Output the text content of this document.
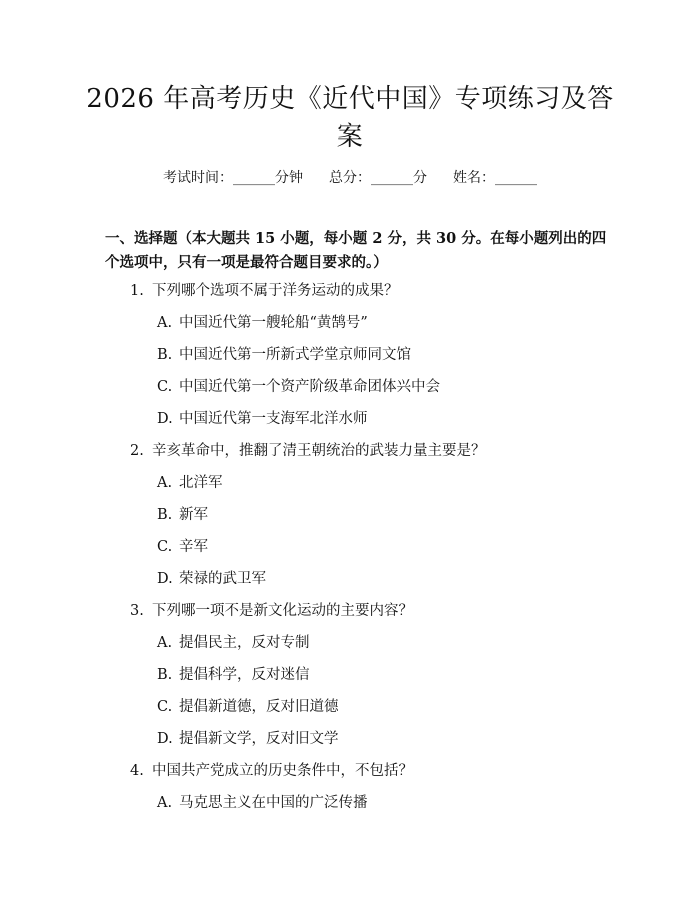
2026 年高考历史《近代中国》专项练习及答案
考试时间：______分钟 总分：______分 姓名：______
一、选择题（本大题共 15 小题，每小题 2 分，共 30 分。在每小题列出的四个选项中，只有一项是最符合题目要求的。）
1. 下列哪个选项不属于洋务运动的成果？
A. 中国近代第一艘轮船“黄鹄号”
B. 中国近代第一所新式学堂京师同文馆
C. 中国近代第一个资产阶级革命团体兴中会
D. 中国近代第一支海军北洋水师
2. 辛亥革命中，推翻了清王朝统治的武装力量主要是？
A. 北洋军
B. 新军
C. 辛军
D. 荣禄的武卫军
3. 下列哪一项不是新文化运动的主要内容？
A. 提倡民主，反对专制
B. 提倡科学，反对迷信
C. 提倡新道德，反对旧道德
D. 提倡新文学，反对旧文学
4. 中国共产党成立的历史条件中，不包括？
A. 马克思主义在中国的广泛传播
